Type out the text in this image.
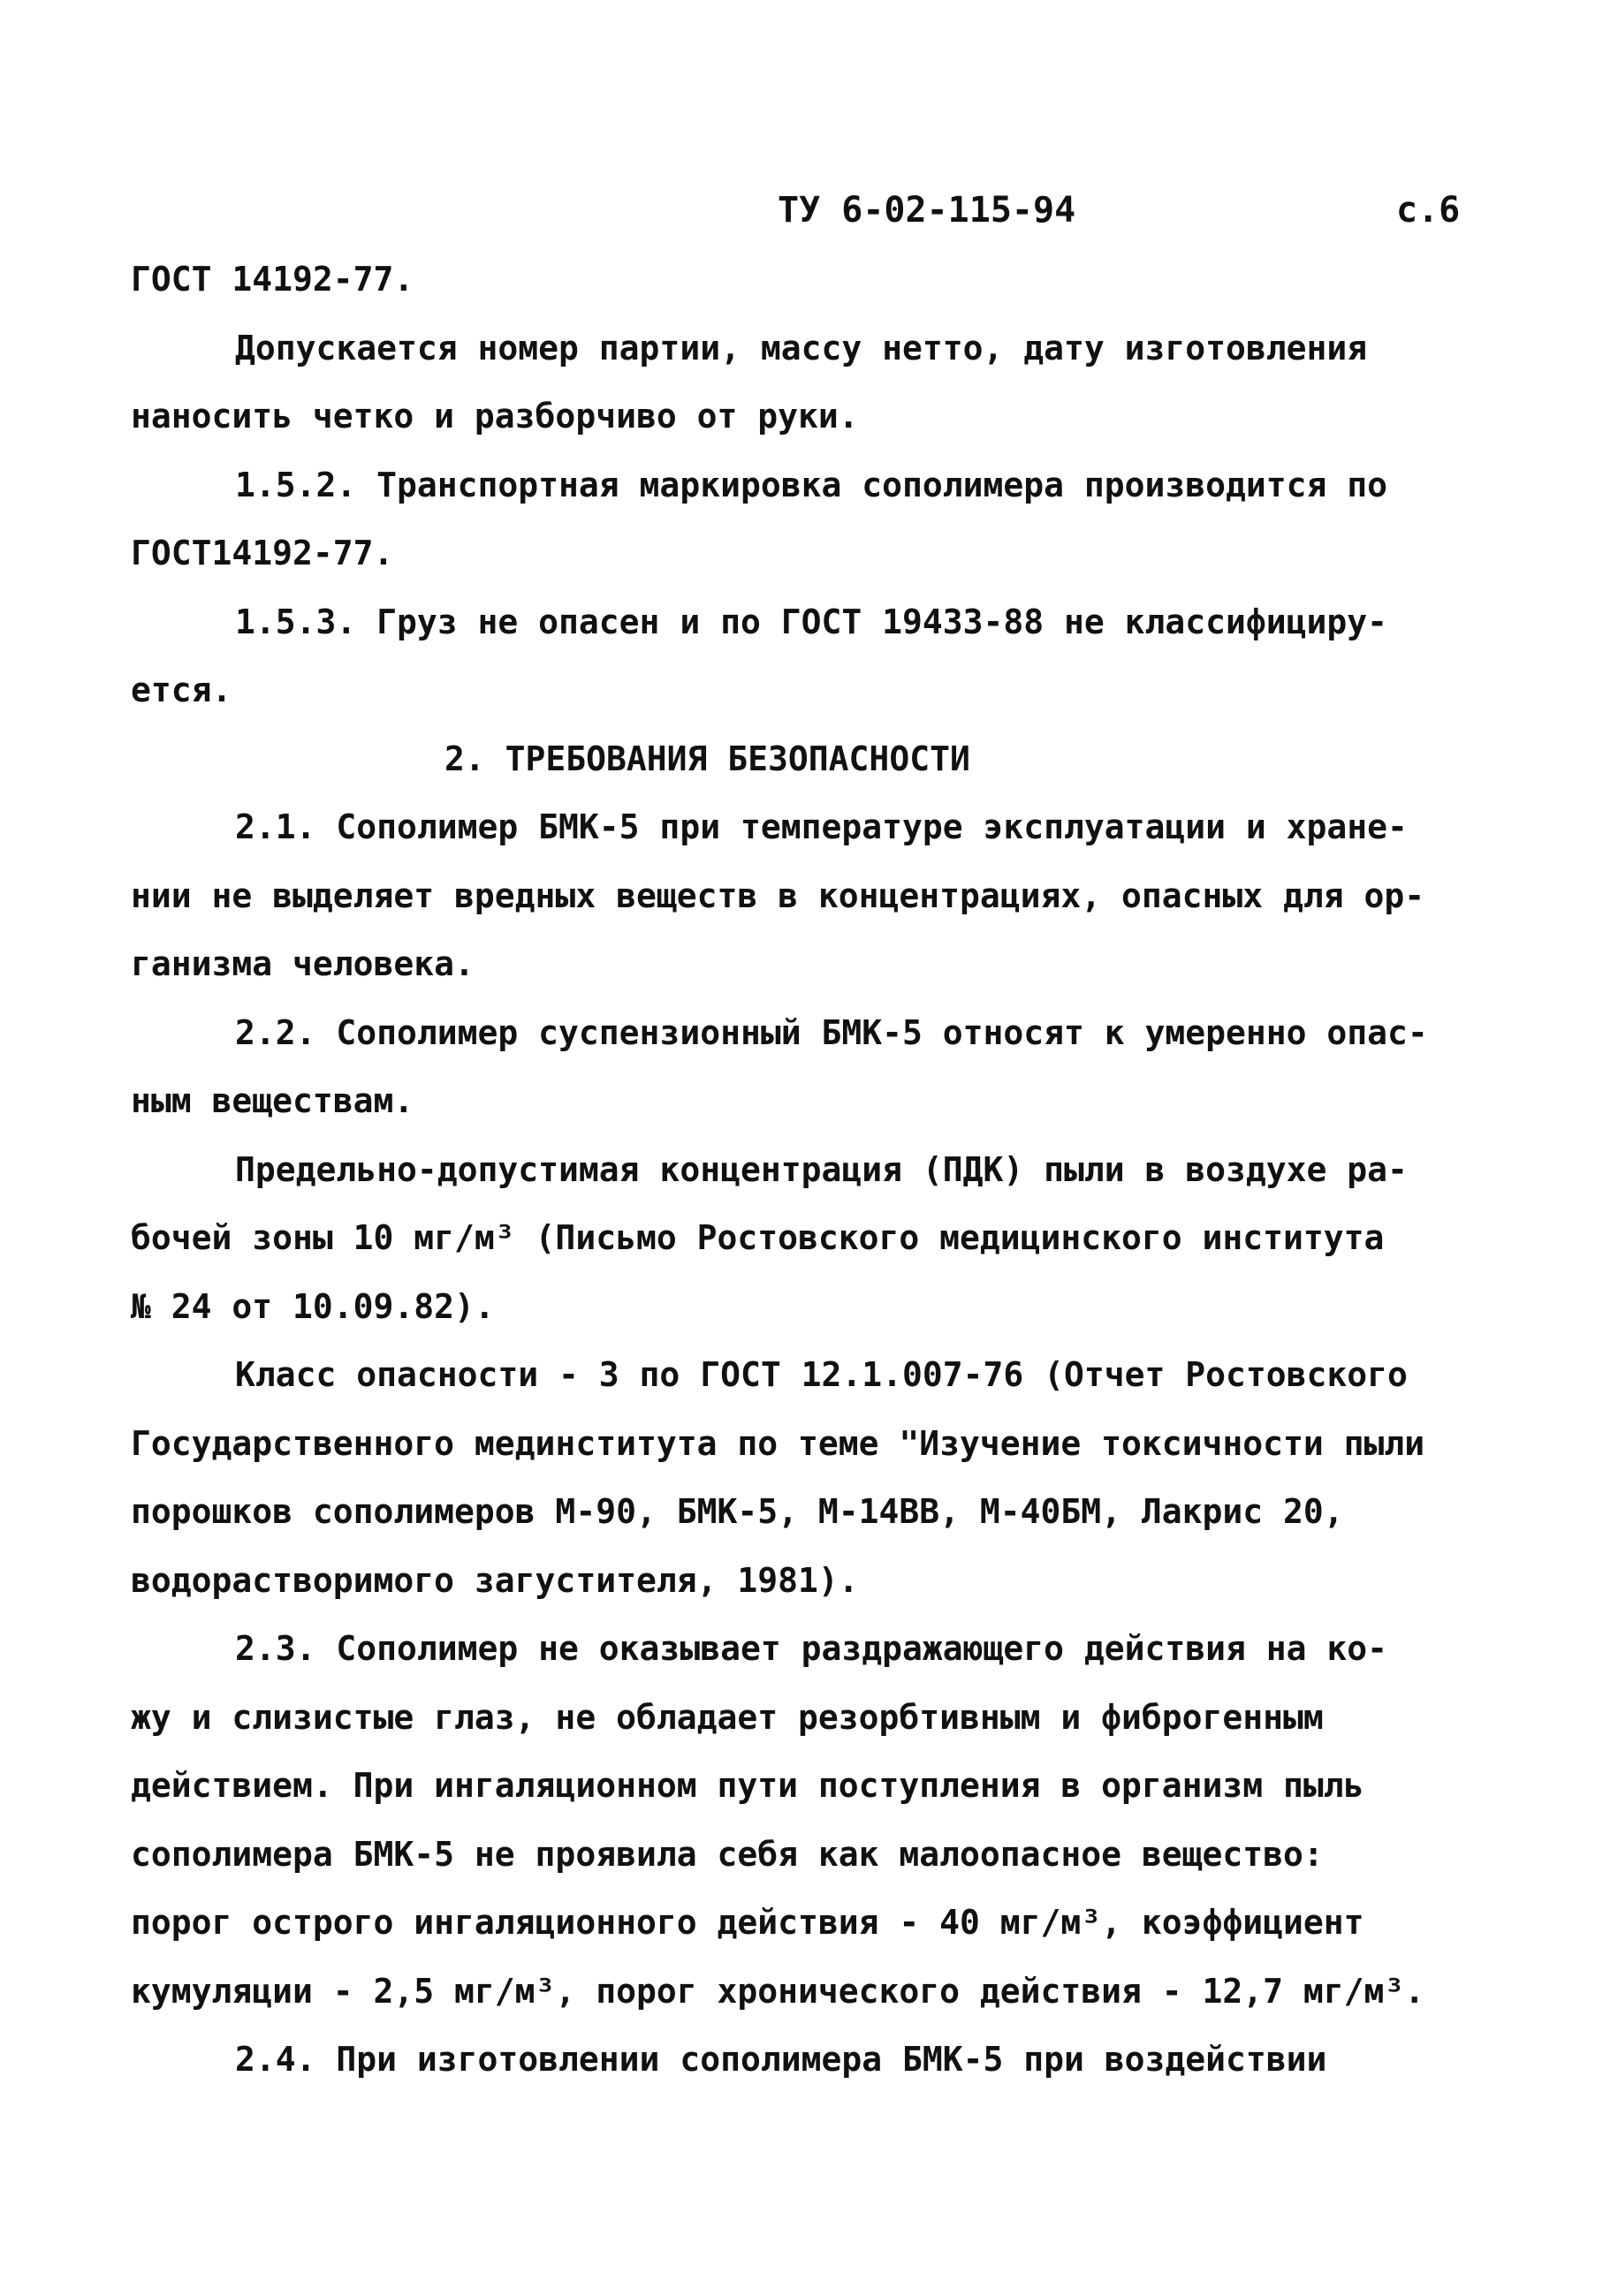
ТУ 6-02-115-94	с.6
ГОСТ 14192-77.
Допускается номер партии, массу нетто, дату изготовления
наносить четко и разборчиво от руки.
1.5.2. Транспортная маркировка сополимера производится по
ГОСТ14192-77.
1.5.3. Груз не опасен и по ГОСТ 19433-88 не классифициру-
ется.
2. ТРЕБОВАНИЯ БЕЗОПАСНОСТИ
2.1. Сополимер БМК-5 при температуре эксплуатации и хране-
нии не выделяет вредных веществ в концентрациях, опасных для ор-
ганизма человека.
2.2. Сополимер суспензионный БМК-5 относят к умеренно опас-
ным веществам.
Предельно-допустимая концентрация (ПДК) пыли в воздухе ра-
бочей зоны 10 мг/м³ (Письмо Ростовского медицинского института
№ 24 от 10.09.82).
Класс опасности - 3 по ГОСТ 12.1.007-76 (Отчет Ростовского
Государственного мединститута по теме "Изучение токсичности пыли
порошков сополимеров М-90, БМК-5, М-14ВВ, М-40БМ, Лакрис 20,
водорастворимого загустителя, 1981).
2.3. Сополимер не оказывает раздражающего действия на ко-
жу и слизистые глаз, не обладает резорбтивным и фиброгенным
действием. При ингаляционном пути поступления в организм пыль
сополимера БМК-5 не проявила себя как малоопасное вещество:
порог острого ингаляционного действия - 40 мг/м³, коэффициент
кумуляции - 2,5 мг/м³, порог хронического действия - 12,7 мг/м³.
2.4. При изготовлении сополимера БМК-5 при воздействии
